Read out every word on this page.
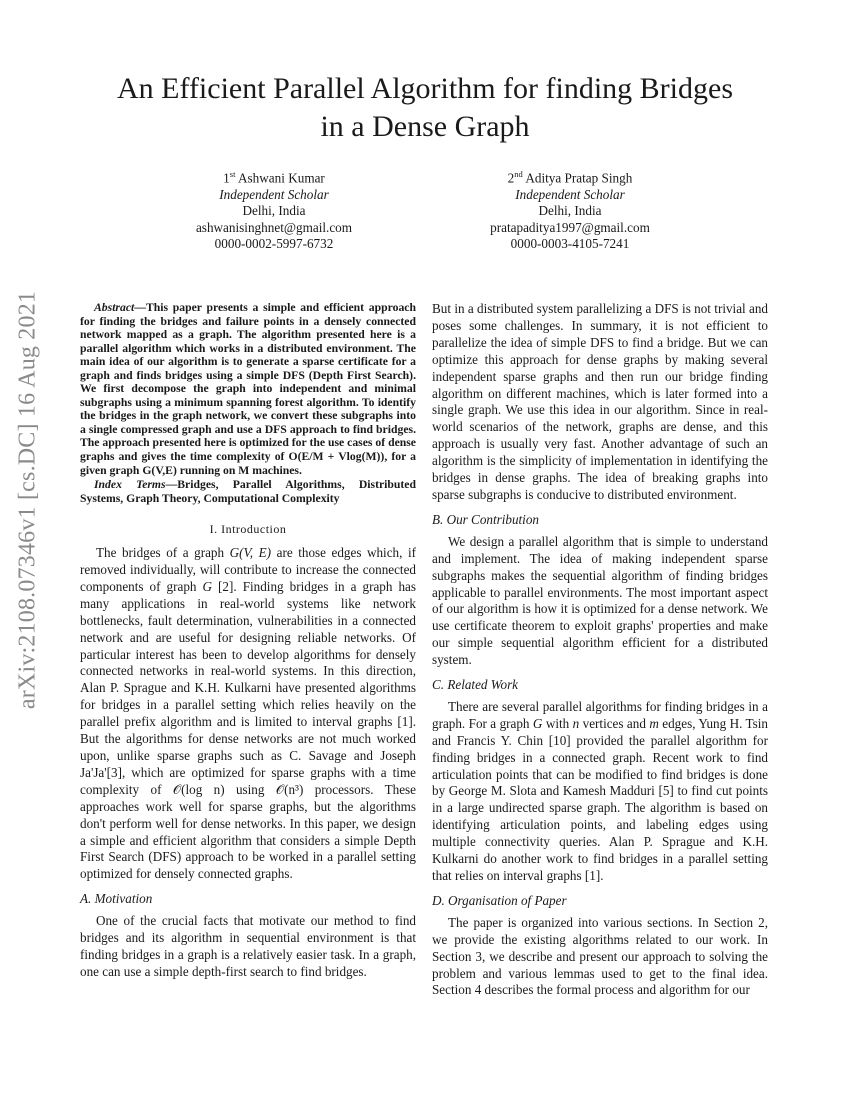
arXiv:2108.07346v1 [cs.DC] 16 Aug 2021
An Efficient Parallel Algorithm for finding Bridges
in a Dense Graph
1st Ashwani Kumar
Independent Scholar
Delhi, India
ashwanisinghnet@gmail.com
0000-0002-5997-6732
2nd Aditya Pratap Singh
Independent Scholar
Delhi, India
pratapaditya1997@gmail.com
0000-0003-4105-7241

Abstract—This paper presents a simple and efficient approach for finding the bridges and failure points in a densely connected network mapped as a graph. The algorithm presented here is a parallel algorithm which works in a distributed environment. The main idea of our algorithm is to generate a sparse certificate for a graph and finds bridges using a simple DFS (Depth First Search). We first decompose the graph into independent and minimal subgraphs using a minimum spanning forest algorithm. To identify the bridges in the graph network, we convert these subgraphs into a single compressed graph and use a DFS approach to find bridges. The approach presented here is optimized for the use cases of dense graphs and gives the time complexity of O(E/M + Vlog(M)), for a given graph G(V,E) running on M machines.

Index Terms—Bridges, Parallel Algorithms, Distributed Systems, Graph Theory, Computational Complexity

I. Introduction

The bridges of a graph G(V, E) are those edges which, if removed individually, will contribute to increase the connected components of graph G [2]. Finding bridges in a graph has many applications in real-world systems like network bottlenecks, fault determination, vulnerabilities in a connected network and are useful for designing reliable networks. Of particular interest has been to develop algorithms for densely connected networks in real-world systems. In this direction, Alan P. Sprague and K.H. Kulkarni have presented algorithms for bridges in a parallel setting which relies heavily on the parallel prefix algorithm and is limited to interval graphs [1]. But the algorithms for dense networks are not much worked upon, unlike sparse graphs such as C. Savage and Joseph Ja'Ja'[3], which are optimized for sparse graphs with a time complexity of 𝒪(log n) using 𝒪(n³) processors. These approaches work well for sparse graphs, but the algorithms don't perform well for dense networks. In this paper, we design a simple and efficient algorithm that considers a simple Depth First Search (DFS) approach to be worked in a parallel setting optimized for densely connected graphs.

A. Motivation

One of the crucial facts that motivate our method to find bridges and its algorithm in sequential environment is that finding bridges in a graph is a relatively easier task. In a graph, one can use a simple depth-first search to find bridges.

But in a distributed system parallelizing a DFS is not trivial and poses some challenges. In summary, it is not efficient to parallelize the idea of simple DFS to find a bridge. But we can optimize this approach for dense graphs by making several independent sparse graphs and then run our bridge finding algorithm on different machines, which is later formed into a single graph. We use this idea in our algorithm. Since in real-world scenarios of the network, graphs are dense, and this approach is usually very fast. Another advantage of such an algorithm is the simplicity of implementation in identifying the bridges in dense graphs. The idea of breaking graphs into sparse subgraphs is conducive to distributed environment.

B. Our Contribution

We design a parallel algorithm that is simple to understand and implement. The idea of making independent sparse subgraphs makes the sequential algorithm of finding bridges applicable to parallel environments. The most important aspect of our algorithm is how it is optimized for a dense network. We use certificate theorem to exploit graphs' properties and make our simple sequential algorithm efficient for a distributed system.

C. Related Work

There are several parallel algorithms for finding bridges in a graph. For a graph G with n vertices and m edges, Yung H. Tsin and Francis Y. Chin [10] provided the parallel algorithm for finding bridges in a connected graph. Recent work to find articulation points that can be modified to find bridges is done by George M. Slota and Kamesh Madduri [5] to find cut points in a large undirected sparse graph. The algorithm is based on identifying articulation points, and labeling edges using multiple connectivity queries. Alan P. Sprague and K.H. Kulkarni do another work to find bridges in a parallel setting that relies on interval graphs [1].

D. Organisation of Paper

The paper is organized into various sections. In Section 2, we provide the existing algorithms related to our work. In Section 3, we describe and present our approach to solving the problem and various lemmas used to get to the final idea. Section 4 describes the formal process and algorithm for our
